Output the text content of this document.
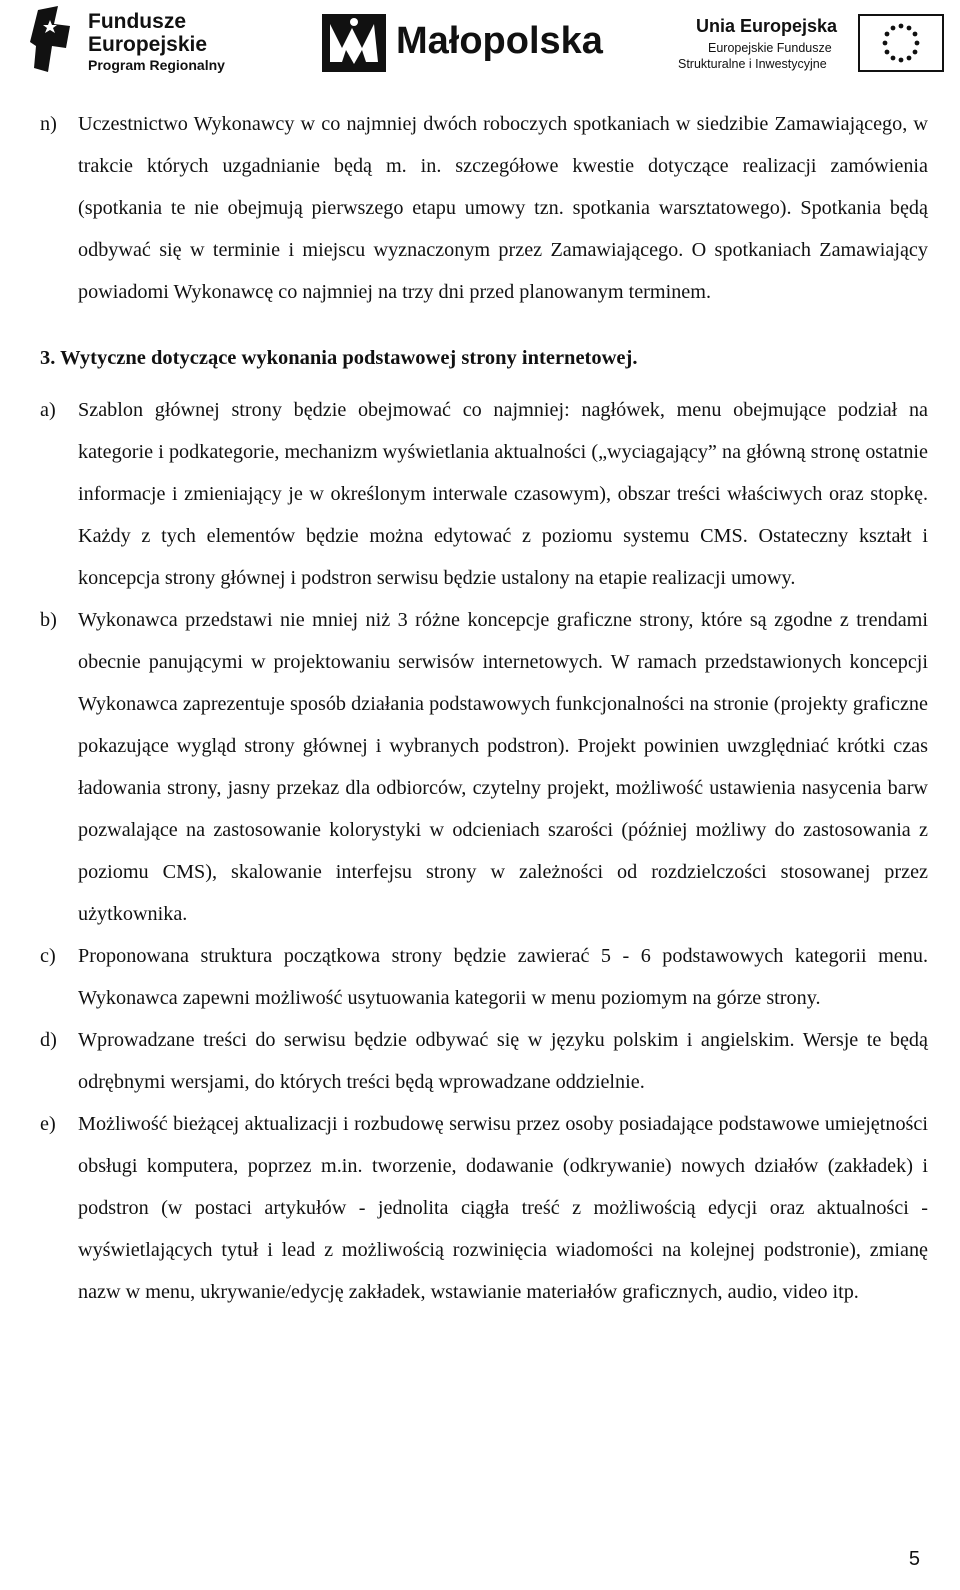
Fundusze
Europejskie
Program Regionalny
Małopolska	Unia Europejska
Europejskie Fundusze
Strukturalne i Inwestycyjne
n) Uczestnictwo Wykonawcy w co najmniej dwóch roboczych spotkaniach w siedzibie Zamawiającego, w trakcie których uzgadnianie będą m. in. szczegółowe kwestie dotyczące realizacji zamówienia (spotkania te nie obejmują pierwszego etapu umowy tzn. spotkania warsztatowego). Spotkania będą odbywać się w terminie i miejscu wyznaczonym przez Zamawiającego. O spotkaniach Zamawiający powiadomi Wykonawcę co najmniej na trzy dni przed planowanym terminem.
3. Wytyczne dotyczące wykonania podstawowej strony internetowej.
a) Szablon głównej strony będzie obejmować co najmniej: nagłówek, menu obejmujące podział na kategorie i podkategorie, mechanizm wyświetlania aktualności („wyciagający” na główną stronę ostatnie informacje i zmieniający je w określonym interwale czasowym), obszar treści właściwych oraz stopkę. Każdy z tych elementów będzie można edytować z poziomu systemu CMS. Ostateczny kształt i koncepcja strony głównej i podstron serwisu będzie ustalony na etapie realizacji umowy.
b) Wykonawca przedstawi nie mniej niż 3 różne koncepcje graficzne strony, które są zgodne z trendami obecnie panującymi w projektowaniu serwisów internetowych. W ramach przedstawionych koncepcji Wykonawca zaprezentuje sposób działania podstawowych funkcjonalności na stronie (projekty graficzne pokazujące wygląd strony głównej i wybranych podstron). Projekt powinien uwzględniać krótki czas ładowania strony, jasny przekaz dla odbiorców, czytelny projekt, możliwość ustawienia nasycenia barw pozwalające na zastosowanie kolorystyki w odcieniach szarości (później możliwy do zastosowania z poziomu CMS), skalowanie interfejsu strony w zależności od rozdzielczości stosowanej przez użytkownika.
c) Proponowana struktura początkowa strony będzie zawierać 5 - 6 podstawowych kategorii menu. Wykonawca zapewni możliwość usytuowania kategorii w menu poziomym na górze strony.
d) Wprowadzane treści do serwisu będzie odbywać się w języku polskim i angielskim. Wersje te będą odrębnymi wersjami, do których treści będą wprowadzane oddzielnie.
e) Możliwość bieżącej aktualizacji i rozbudowę serwisu przez osoby posiadające podstawowe umiejętności obsługi komputera, poprzez m.in. tworzenie, dodawanie (odkrywanie) nowych działów (zakładek) i podstron (w postaci artykułów - jednolita ciągła treść z możliwością edycji oraz aktualności - wyświetlających tytuł i lead z możliwością rozwinięcia wiadomości na kolejnej podstronie), zmianę nazw w menu, ukrywanie/edycję zakładek, wstawianie materiałów graficznych, audio, video itp.
5
